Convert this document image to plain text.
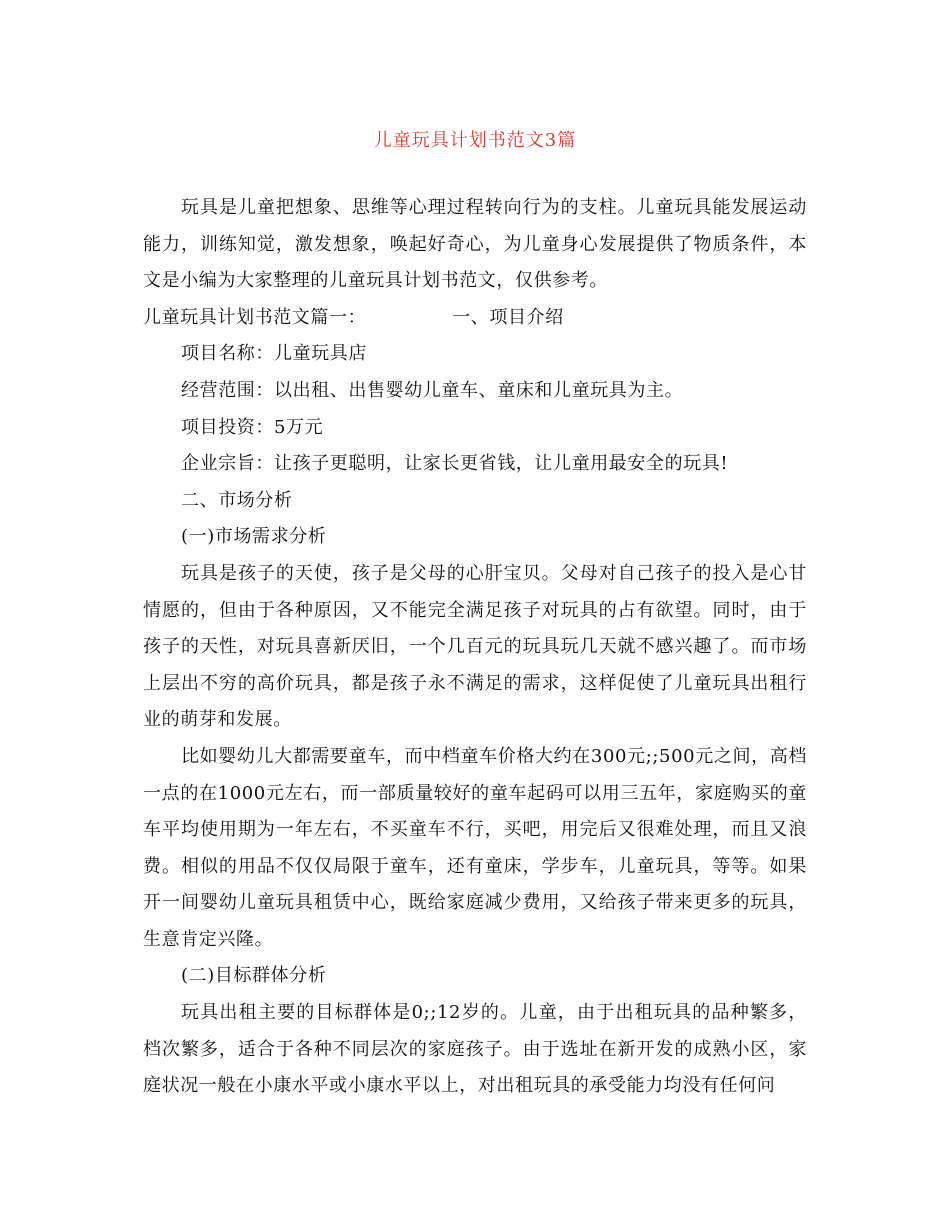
儿童玩具计划书范文3篇

玩具是儿童把想象、思维等心理过程转向行为的支柱。儿童玩具能发展运动能力，训练知觉，激发想象，唤起好奇心，为儿童身心发展提供了物质条件，本文是小编为大家整理的儿童玩具计划书范文，仅供参考。

儿童玩具计划书范文篇一：	一、项目介绍

项目名称：儿童玩具店

经营范围：以出租、出售婴幼儿童车、童床和儿童玩具为主。

项目投资：5万元

企业宗旨：让孩子更聪明，让家长更省钱，让儿童用最安全的玩具!

二、市场分析

(一)市场需求分析

玩具是孩子的天使，孩子是父母的心肝宝贝。父母对自己孩子的投入是心甘情愿的，但由于各种原因，又不能完全满足孩子对玩具的占有欲望。同时，由于孩子的天性，对玩具喜新厌旧，一个几百元的玩具玩几天就不感兴趣了。而市场上层出不穷的高价玩具，都是孩子永不满足的需求，这样促使了儿童玩具出租行业的萌芽和发展。

比如婴幼儿大都需要童车，而中档童车价格大约在300元;;500元之间，高档一点的在1000元左右，而一部质量较好的童车起码可以用三五年，家庭购买的童车平均使用期为一年左右，不买童车不行，买吧，用完后又很难处理，而且又浪费。相似的用品不仅仅局限于童车，还有童床，学步车，儿童玩具，等等。如果开一间婴幼儿童玩具租赁中心，既给家庭减少费用，又给孩子带来更多的玩具，生意肯定兴隆。

(二)目标群体分析

玩具出租主要的目标群体是0;;12岁的。儿童，由于出租玩具的品种繁多，档次繁多，适合于各种不同层次的家庭孩子。由于选址在新开发的成熟小区，家庭状况一般在小康水平或小康水平以上，对出租玩具的承受能力均没有任何问
